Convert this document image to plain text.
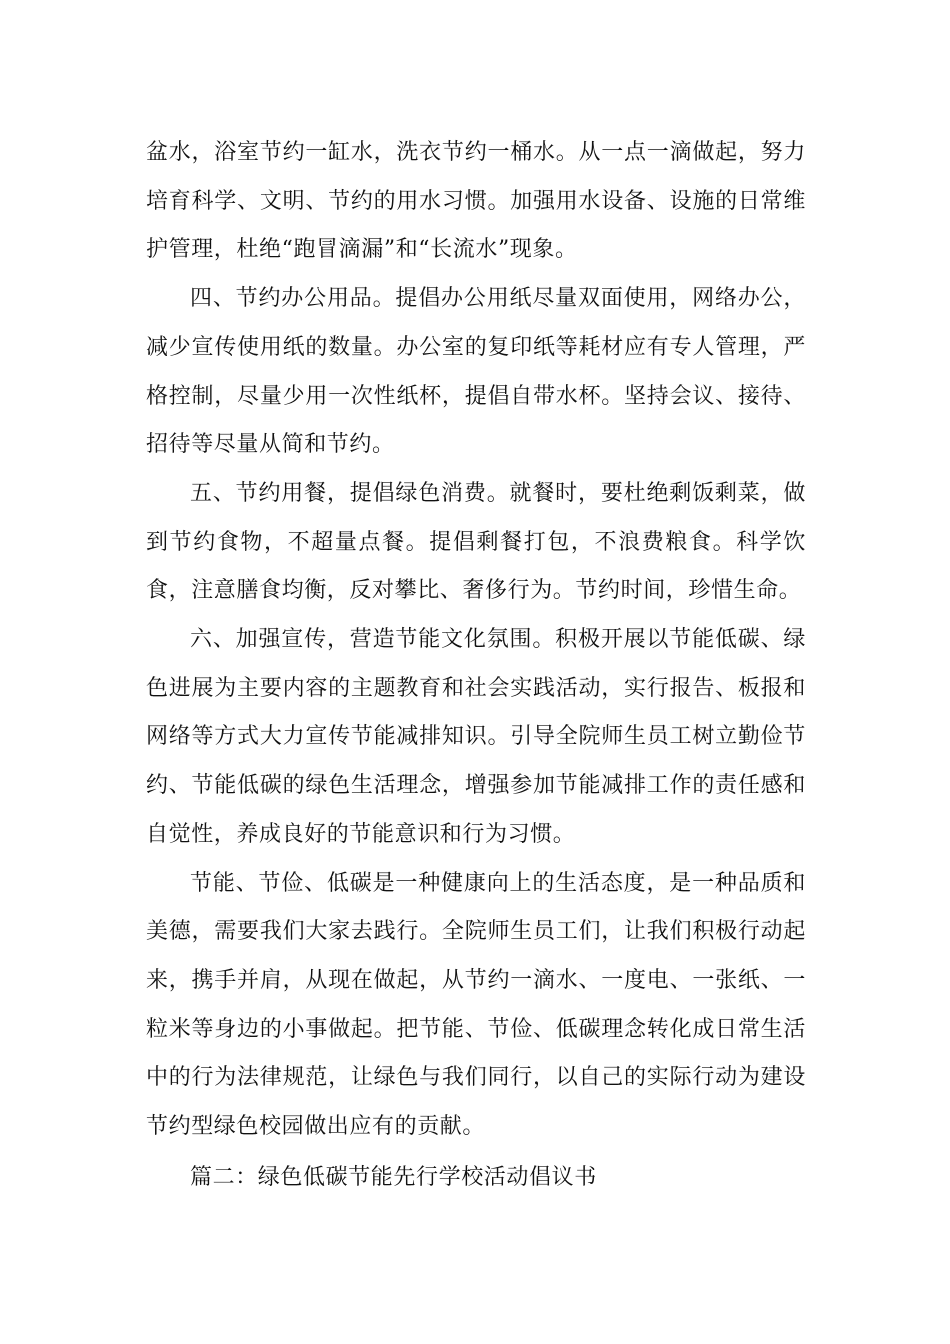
盆水，浴室节约一缸水，洗衣节约一桶水。从一点一滴做起，努力培育科学、文明、节约的用水习惯。加强用水设备、设施的日常维护管理，杜绝“跑冒滴漏”和“长流水”现象。

四、节约办公用品。提倡办公用纸尽量双面使用，网络办公，减少宣传使用纸的数量。办公室的复印纸等耗材应有专人管理，严格控制，尽量少用一次性纸杯，提倡自带水杯。坚持会议、接待、招待等尽量从简和节约。

五、节约用餐，提倡绿色消费。就餐时，要杜绝剩饭剩菜，做到节约食物，不超量点餐。提倡剩餐打包，不浪费粮食。科学饮食，注意膳食均衡，反对攀比、奢侈行为。节约时间，珍惜生命。

六、加强宣传，营造节能文化氛围。积极开展以节能低碳、绿色进展为主要内容的主题教育和社会实践活动，实行报告、板报和网络等方式大力宣传节能减排知识。引导全院师生员工树立勤俭节约、节能低碳的绿色生活理念，增强参加节能减排工作的责任感和自觉性，养成良好的节能意识和行为习惯。

节能、节俭、低碳是一种健康向上的生活态度，是一种品质和美德，需要我们大家去践行。全院师生员工们，让我们积极行动起来，携手并肩，从现在做起，从节约一滴水、一度电、一张纸、一粒米等身边的小事做起。把节能、节俭、低碳理念转化成日常生活中的行为法律规范，让绿色与我们同行，以自己的实际行动为建设节约型绿色校园做出应有的贡献。

篇二：绿色低碳节能先行学校活动倡议书
